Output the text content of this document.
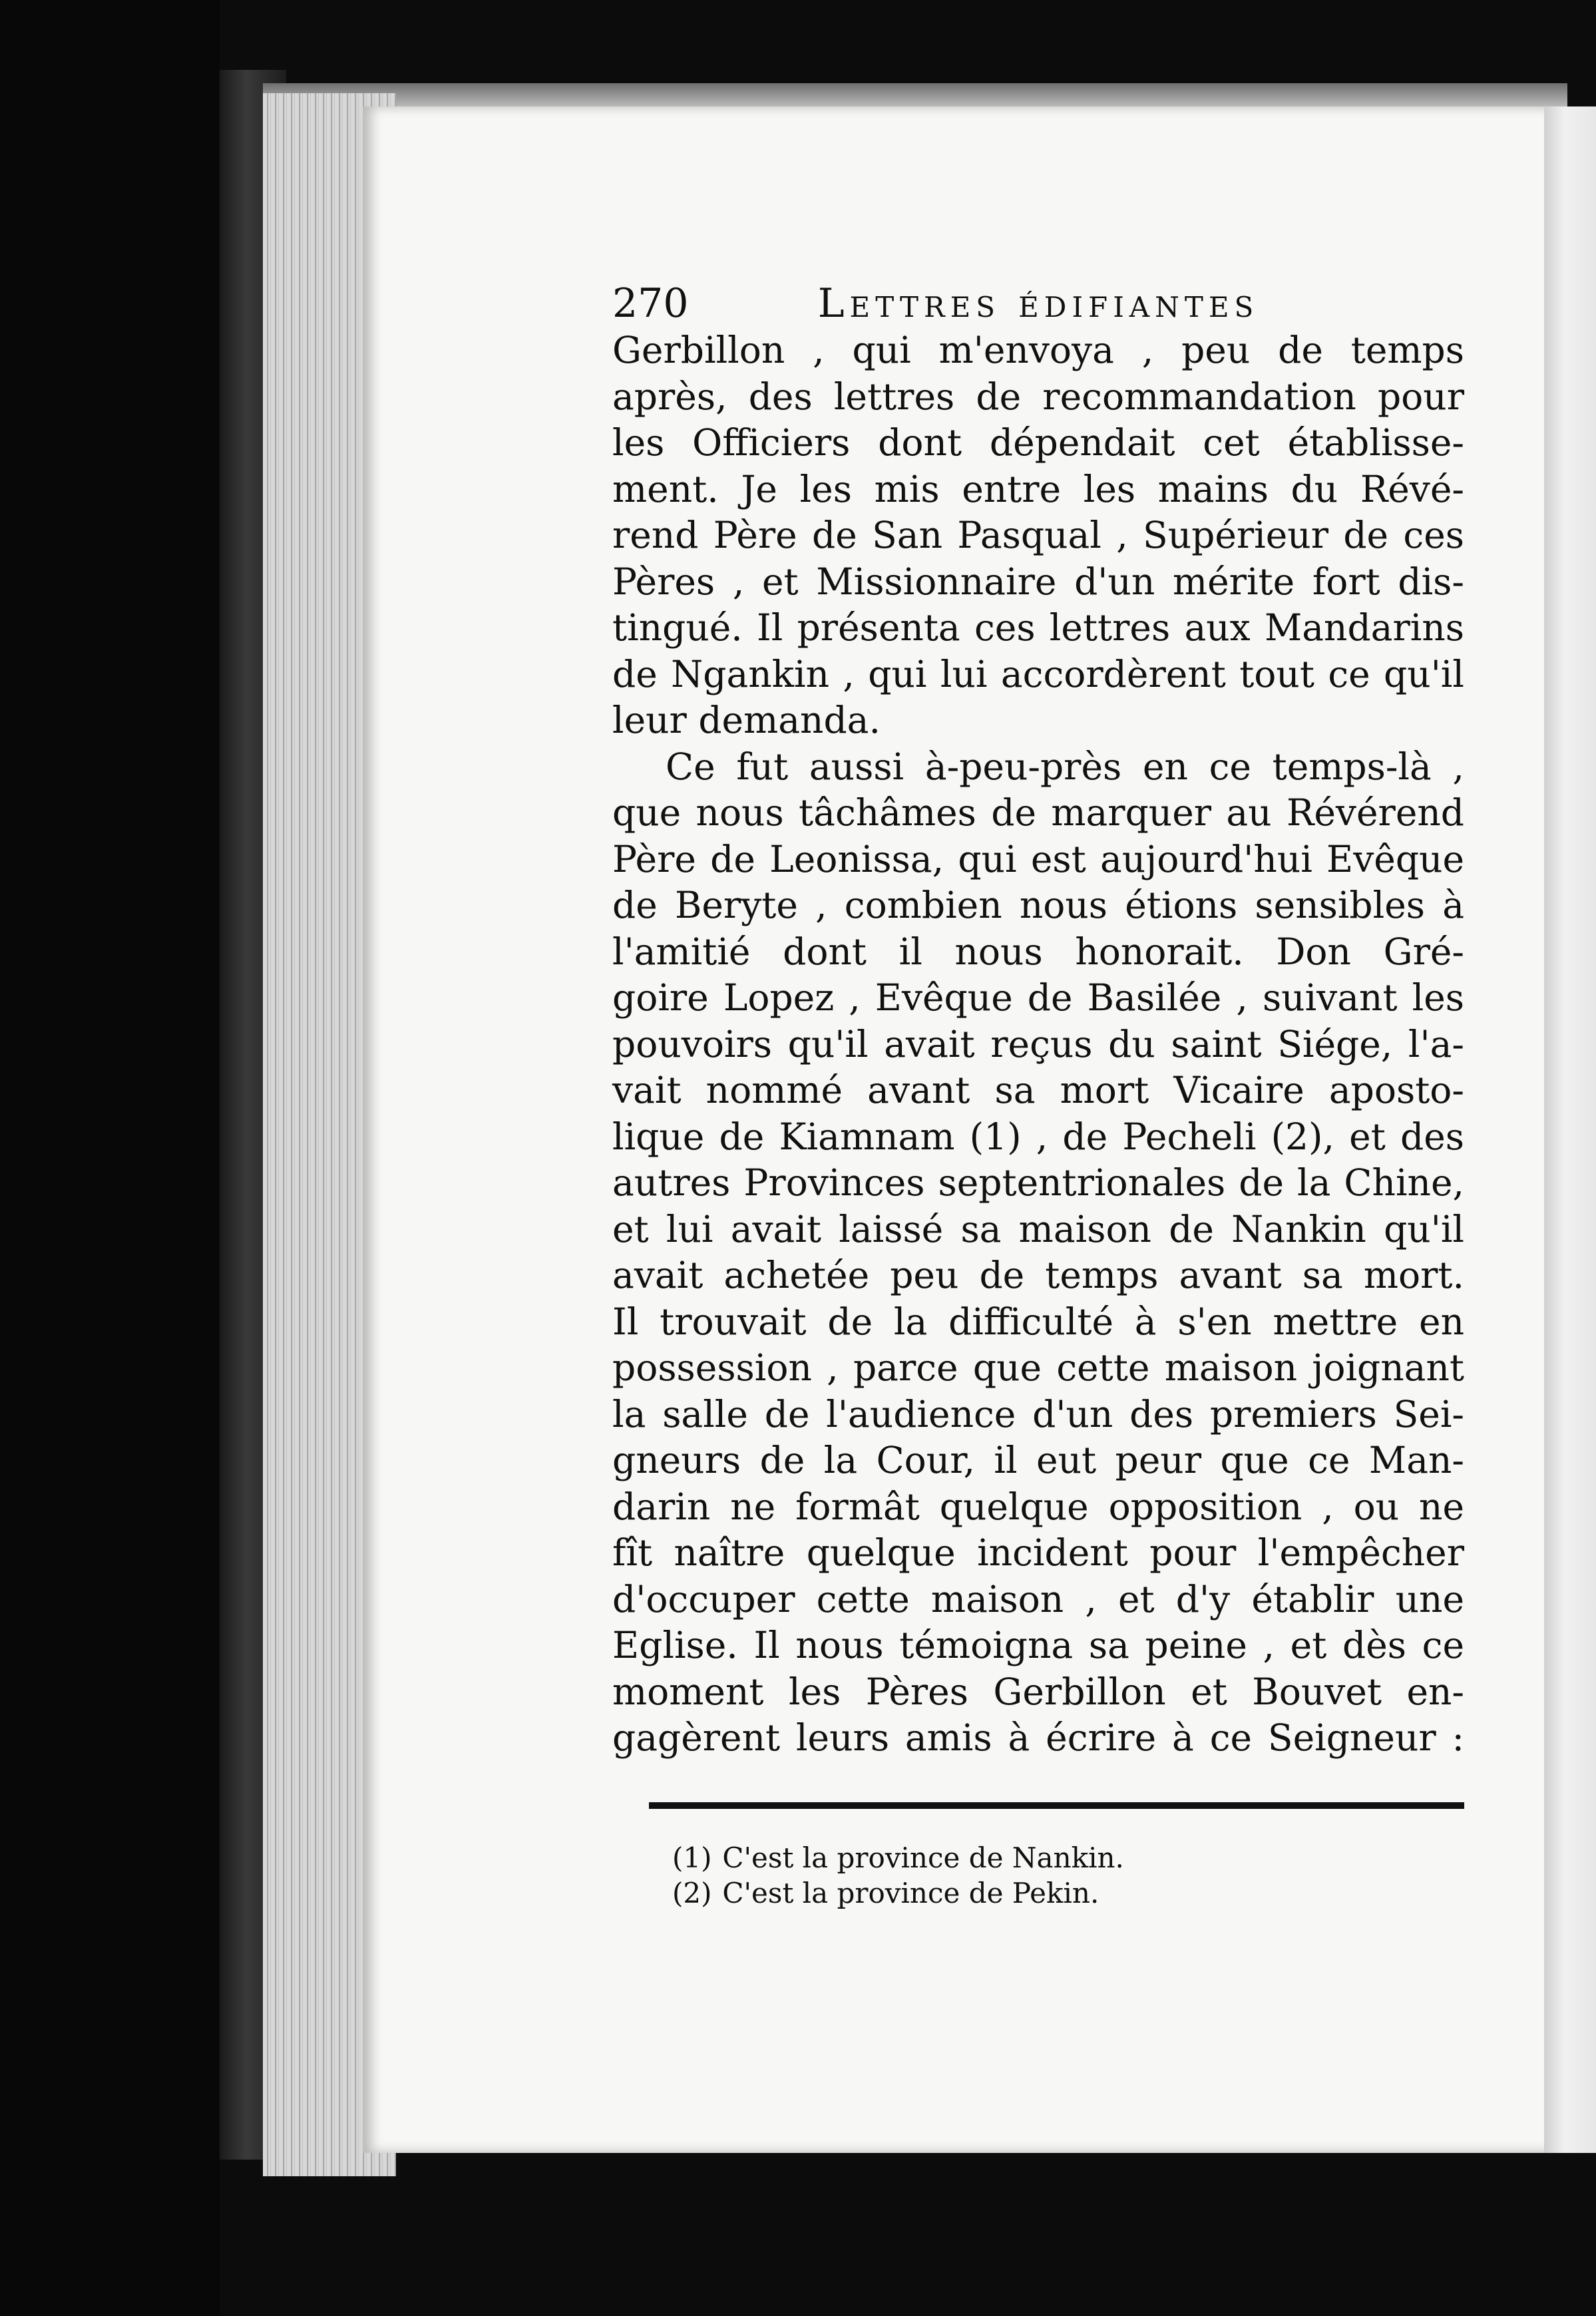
270	Lettres édifiantes
Gerbillon , qui m'envoya , peu de temps
après, des lettres de recommandation pour
les Officiers dont dépendait cet établisse-
ment. Je les mis entre les mains du Révé-
rend Père de San Pasqual , Supérieur de ces
Pères , et Missionnaire d'un mérite fort dis-
tingué. Il présenta ces lettres aux Mandarins
de Ngankin , qui lui accordèrent tout ce qu'il
leur demanda.
Ce fut aussi à-peu-près en ce temps-là ,
que nous tâchâmes de marquer au Révérend
Père de Leonissa, qui est aujourd'hui Evêque
de Beryte , combien nous étions sensibles à
l'amitié dont il nous honorait. Don Gré-
goire Lopez , Evêque de Basilée , suivant les
pouvoirs qu'il avait reçus du saint Siége, l'a-
vait nommé avant sa mort Vicaire aposto-
lique de Kiamnam (1) , de Pecheli (2), et des
autres Provinces septentrionales de la Chine,
et lui avait laissé sa maison de Nankin qu'il
avait achetée peu de temps avant sa mort.
Il trouvait de la difficulté à s'en mettre en
possession , parce que cette maison joignant
la salle de l'audience d'un des premiers Sei-
gneurs de la Cour, il eut peur que ce Man-
darin ne formât quelque opposition , ou ne
fît naître quelque incident pour l'empêcher
d'occuper cette maison , et d'y établir une
Eglise. Il nous témoigna sa peine , et dès ce
moment les Pères Gerbillon et Bouvet en-
gagèrent leurs amis à écrire à ce Seigneur :
(1) C'est la province de Nankin.
(2) C'est la province de Pekin.
